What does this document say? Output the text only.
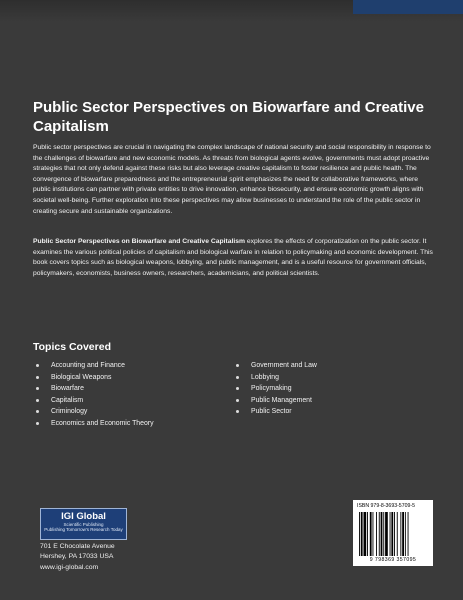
Public Sector Perspectives on Biowarfare and Creative Capitalism

Public sector perspectives are crucial in navigating the complex landscape of national security and social responsibility in response to the challenges of biowarfare and new economic models. As threats from biological agents evolve, governments must adopt proactive strategies that not only defend against these risks but also leverage creative capitalism to foster resilience and public health. The convergence of biowarfare preparedness and the entrepreneurial spirit emphasizes the need for collaborative frameworks, where public institutions can partner with private entities to drive innovation, enhance biosecurity, and ensure economic growth aligns with societal well-being. Further exploration into these perspectives may allow businesses to understand the role of the public sector in creating secure and sustainable organizations.

Public Sector Perspectives on Biowarfare and Creative Capitalism explores the effects of corporatization on the public sector. It examines the various political policies of capitalism and biological warfare in relation to policymaking and economic development. This book covers topics such as biological weapons, lobbying, and public management, and is a useful resource for government officials, policymakers, economists, business owners, researchers, academicians, and political scientists.

Topics Covered
Accounting and Finance
Biological Weapons
Biowarfare
Capitalism
Criminology
Economics and Economic Theory
Government and Law
Lobbying
Policymaking
Public Management
Public Sector
IGI Global
Scientific Publishing
Publishing Tomorrow's Research Today

701 E Chocolate Avenue
Hershey, PA 17033 USA
www.igi-global.com

ISBN 979-8-3693-5709-5
9 798369 357095
